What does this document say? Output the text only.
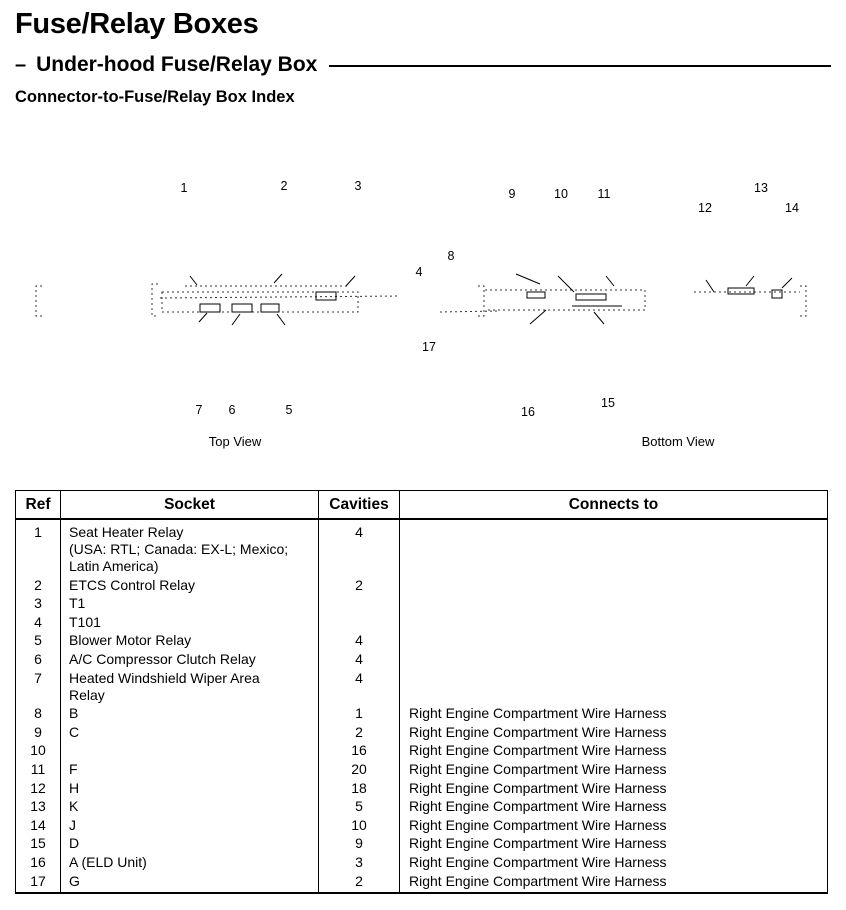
Fuse/Relay Boxes
– Under-hood Fuse/Relay Box
Connector-to-Fuse/Relay Box Index
1	2	3
4
5
6
7
8
9	10 11
12
13
14
15
16
17
Top View	Bottom View
Ref	Socket	Cavities	Connects to
1	Seat Heater Relay
(USA: RTL; Canada: EX-L; Mexico;
Latin America)	4	
2	ETCS Control Relay	2	
3	T1		
4	T101		
5	Blower Motor Relay	4	
6	A/C Compressor Clutch Relay	4	
7	Heated Windshield Wiper Area
Relay	4	
8	B	1	Right Engine Compartment Wire Harness
9	C	2	Right Engine Compartment Wire Harness
10		16	Right Engine Compartment Wire Harness
11	F	20	Right Engine Compartment Wire Harness
12	H	18	Right Engine Compartment Wire Harness
13	K	5	Right Engine Compartment Wire Harness
14	J	10	Right Engine Compartment Wire Harness
15	D	9	Right Engine Compartment Wire Harness
16	A (ELD Unit)	3	Right Engine Compartment Wire Harness
17	G	2	Right Engine Compartment Wire Harness
